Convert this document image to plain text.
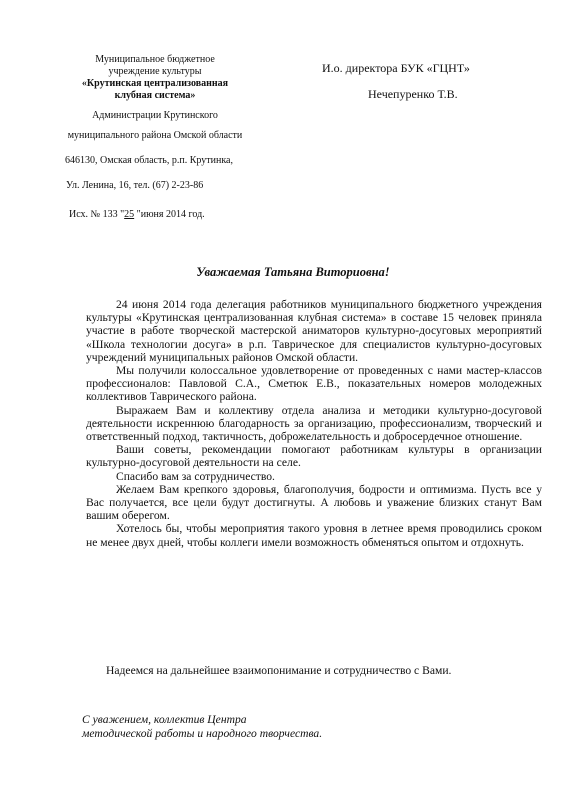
Муниципальное бюджетное
учреждение культуры
«Крутинская централизованная
клубная система»
Администрации Крутинского
муниципального района Омской области
646130, Омская область, р.п. Крутинка,
Ул. Ленина, 16, тел. (67) 2-23-86
Исх. № 133 "25 "июня 2014 год.
И.о. директора БУК «ГЦНТ»
Нечепуренко Т.В.
Уважаемая Татьяна Виториовна!

24 июня 2014 года делегация работников муниципального бюджетного учреждения культуры «Крутинская централизованная клубная система» в составе 15 человек приняла участие в работе творческой мастерской аниматоров культурно-досуговых мероприятий «Школа технологии досуга» в р.п. Таврическое для специалистов культурно-досуговых учреждений муниципальных районов Омской области.

Мы получили колоссальное удовлетворение от проведенных с нами мастер-классов профессионалов: Павловой С.А., Сметюк Е.В., показательных номеров молодежных коллективов Таврического района.

Выражаем Вам и коллективу отдела анализа и методики культурно-досуговой деятельности искреннюю благодарность за организацию, профессионализм, творческий и ответственный подход, тактичность, доброжелательность и добросердечное отношение.

Ваши советы, рекомендации помогают работникам культуры в организации культурно-досуговой деятельности на селе.

Спасибо вам за сотрудничество.

Желаем Вам крепкого здоровья, благополучия, бодрости и оптимизма. Пусть все у Вас получается, все цели будут достигнуты. А любовь и уважение близких станут Вам вашим оберегом.

Хотелось бы, чтобы мероприятия такого уровня в летнее время проводились сроком не менее двух дней, чтобы коллеги имели возможность обменяться опытом и отдохнуть.

Надеемся на дальнейшее взаимопонимание и сотрудничество с Вами.
С уважением, коллектив Центра
методической работы и народного творчества.
